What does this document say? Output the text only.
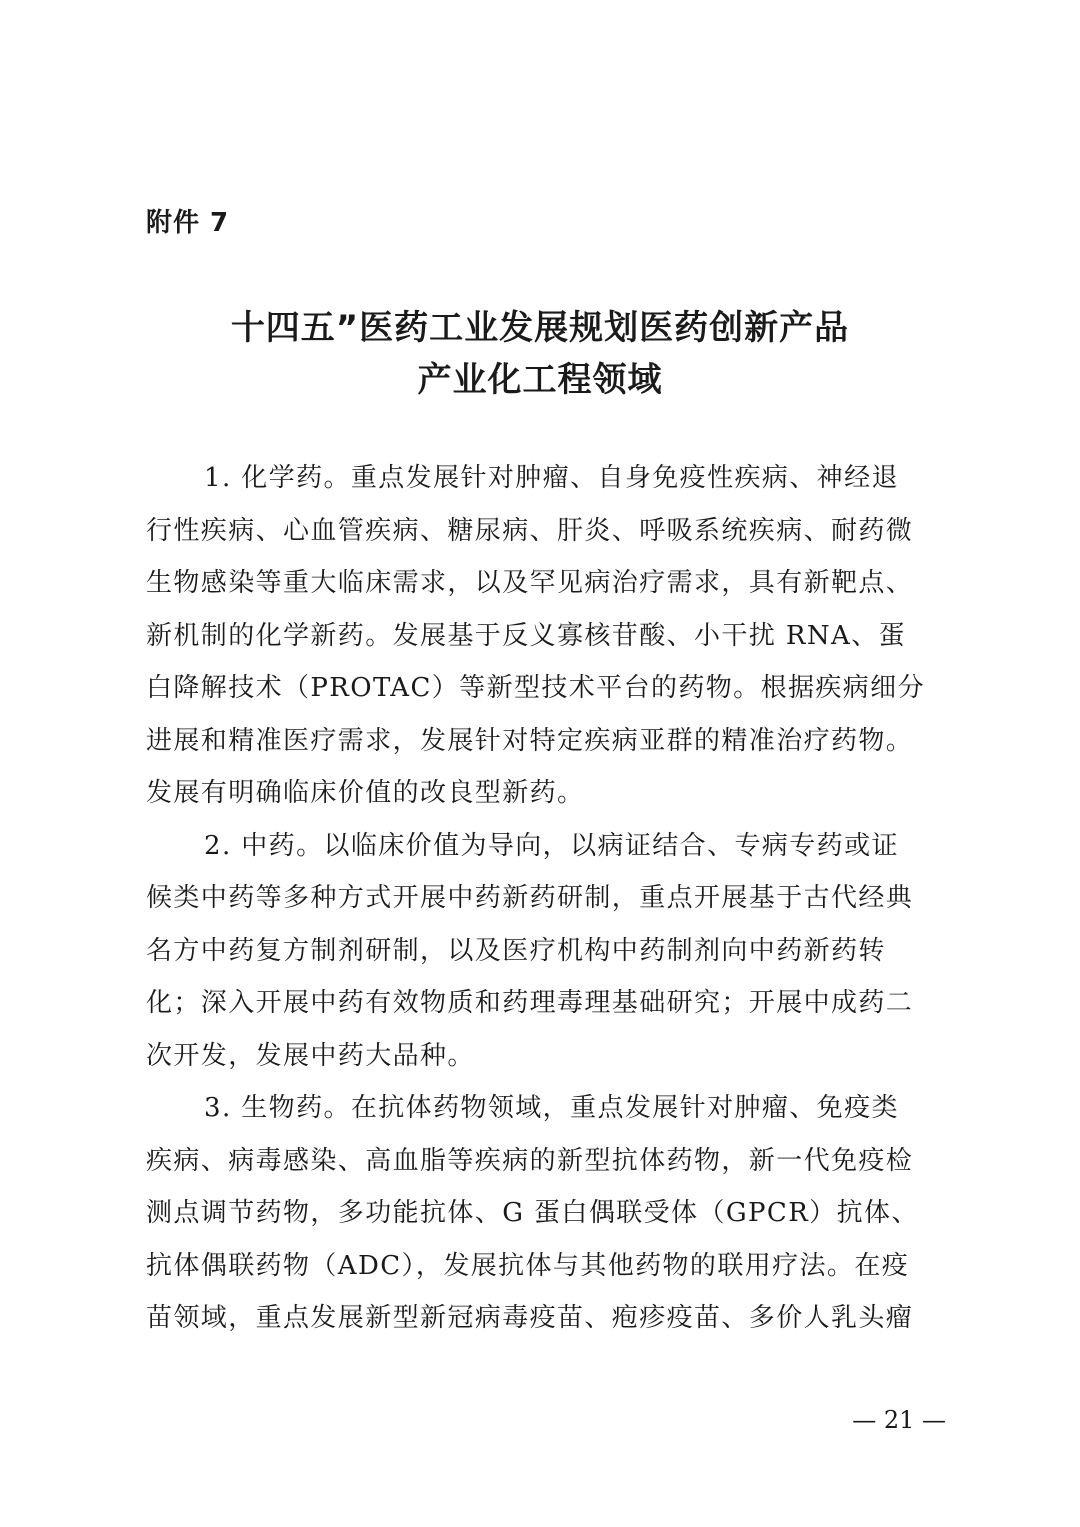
附件 7

十四五”医药工业发展规划医药创新产品
产业化工程领域
1. 化学药。重点发展针对肿瘤、自身免疫性疾病、神经退
行性疾病、心血管疾病、糖尿病、肝炎、呼吸系统疾病、耐药微
生物感染等重大临床需求，以及罕见病治疗需求，具有新靶点、
新机制的化学新药。发展基于反义寡核苷酸、小干扰 RNA、蛋
白降解技术（PROTAC）等新型技术平台的药物。根据疾病细分
进展和精准医疗需求，发展针对特定疾病亚群的精准治疗药物。
发展有明确临床价值的改良型新药。
2. 中药。以临床价值为导向，以病证结合、专病专药或证
候类中药等多种方式开展中药新药研制，重点开展基于古代经典
名方中药复方制剂研制，以及医疗机构中药制剂向中药新药转
化；深入开展中药有效物质和药理毒理基础研究；开展中成药二
次开发，发展中药大品种。
3. 生物药。在抗体药物领域，重点发展针对肿瘤、免疫类
疾病、病毒感染、高血脂等疾病的新型抗体药物，新一代免疫检
测点调节药物，多功能抗体、G 蛋白偶联受体（GPCR）抗体、
抗体偶联药物（ADC），发展抗体与其他药物的联用疗法。在疫
苗领域，重点发展新型新冠病毒疫苗、疱疹疫苗、多价人乳头瘤

— 21 —
